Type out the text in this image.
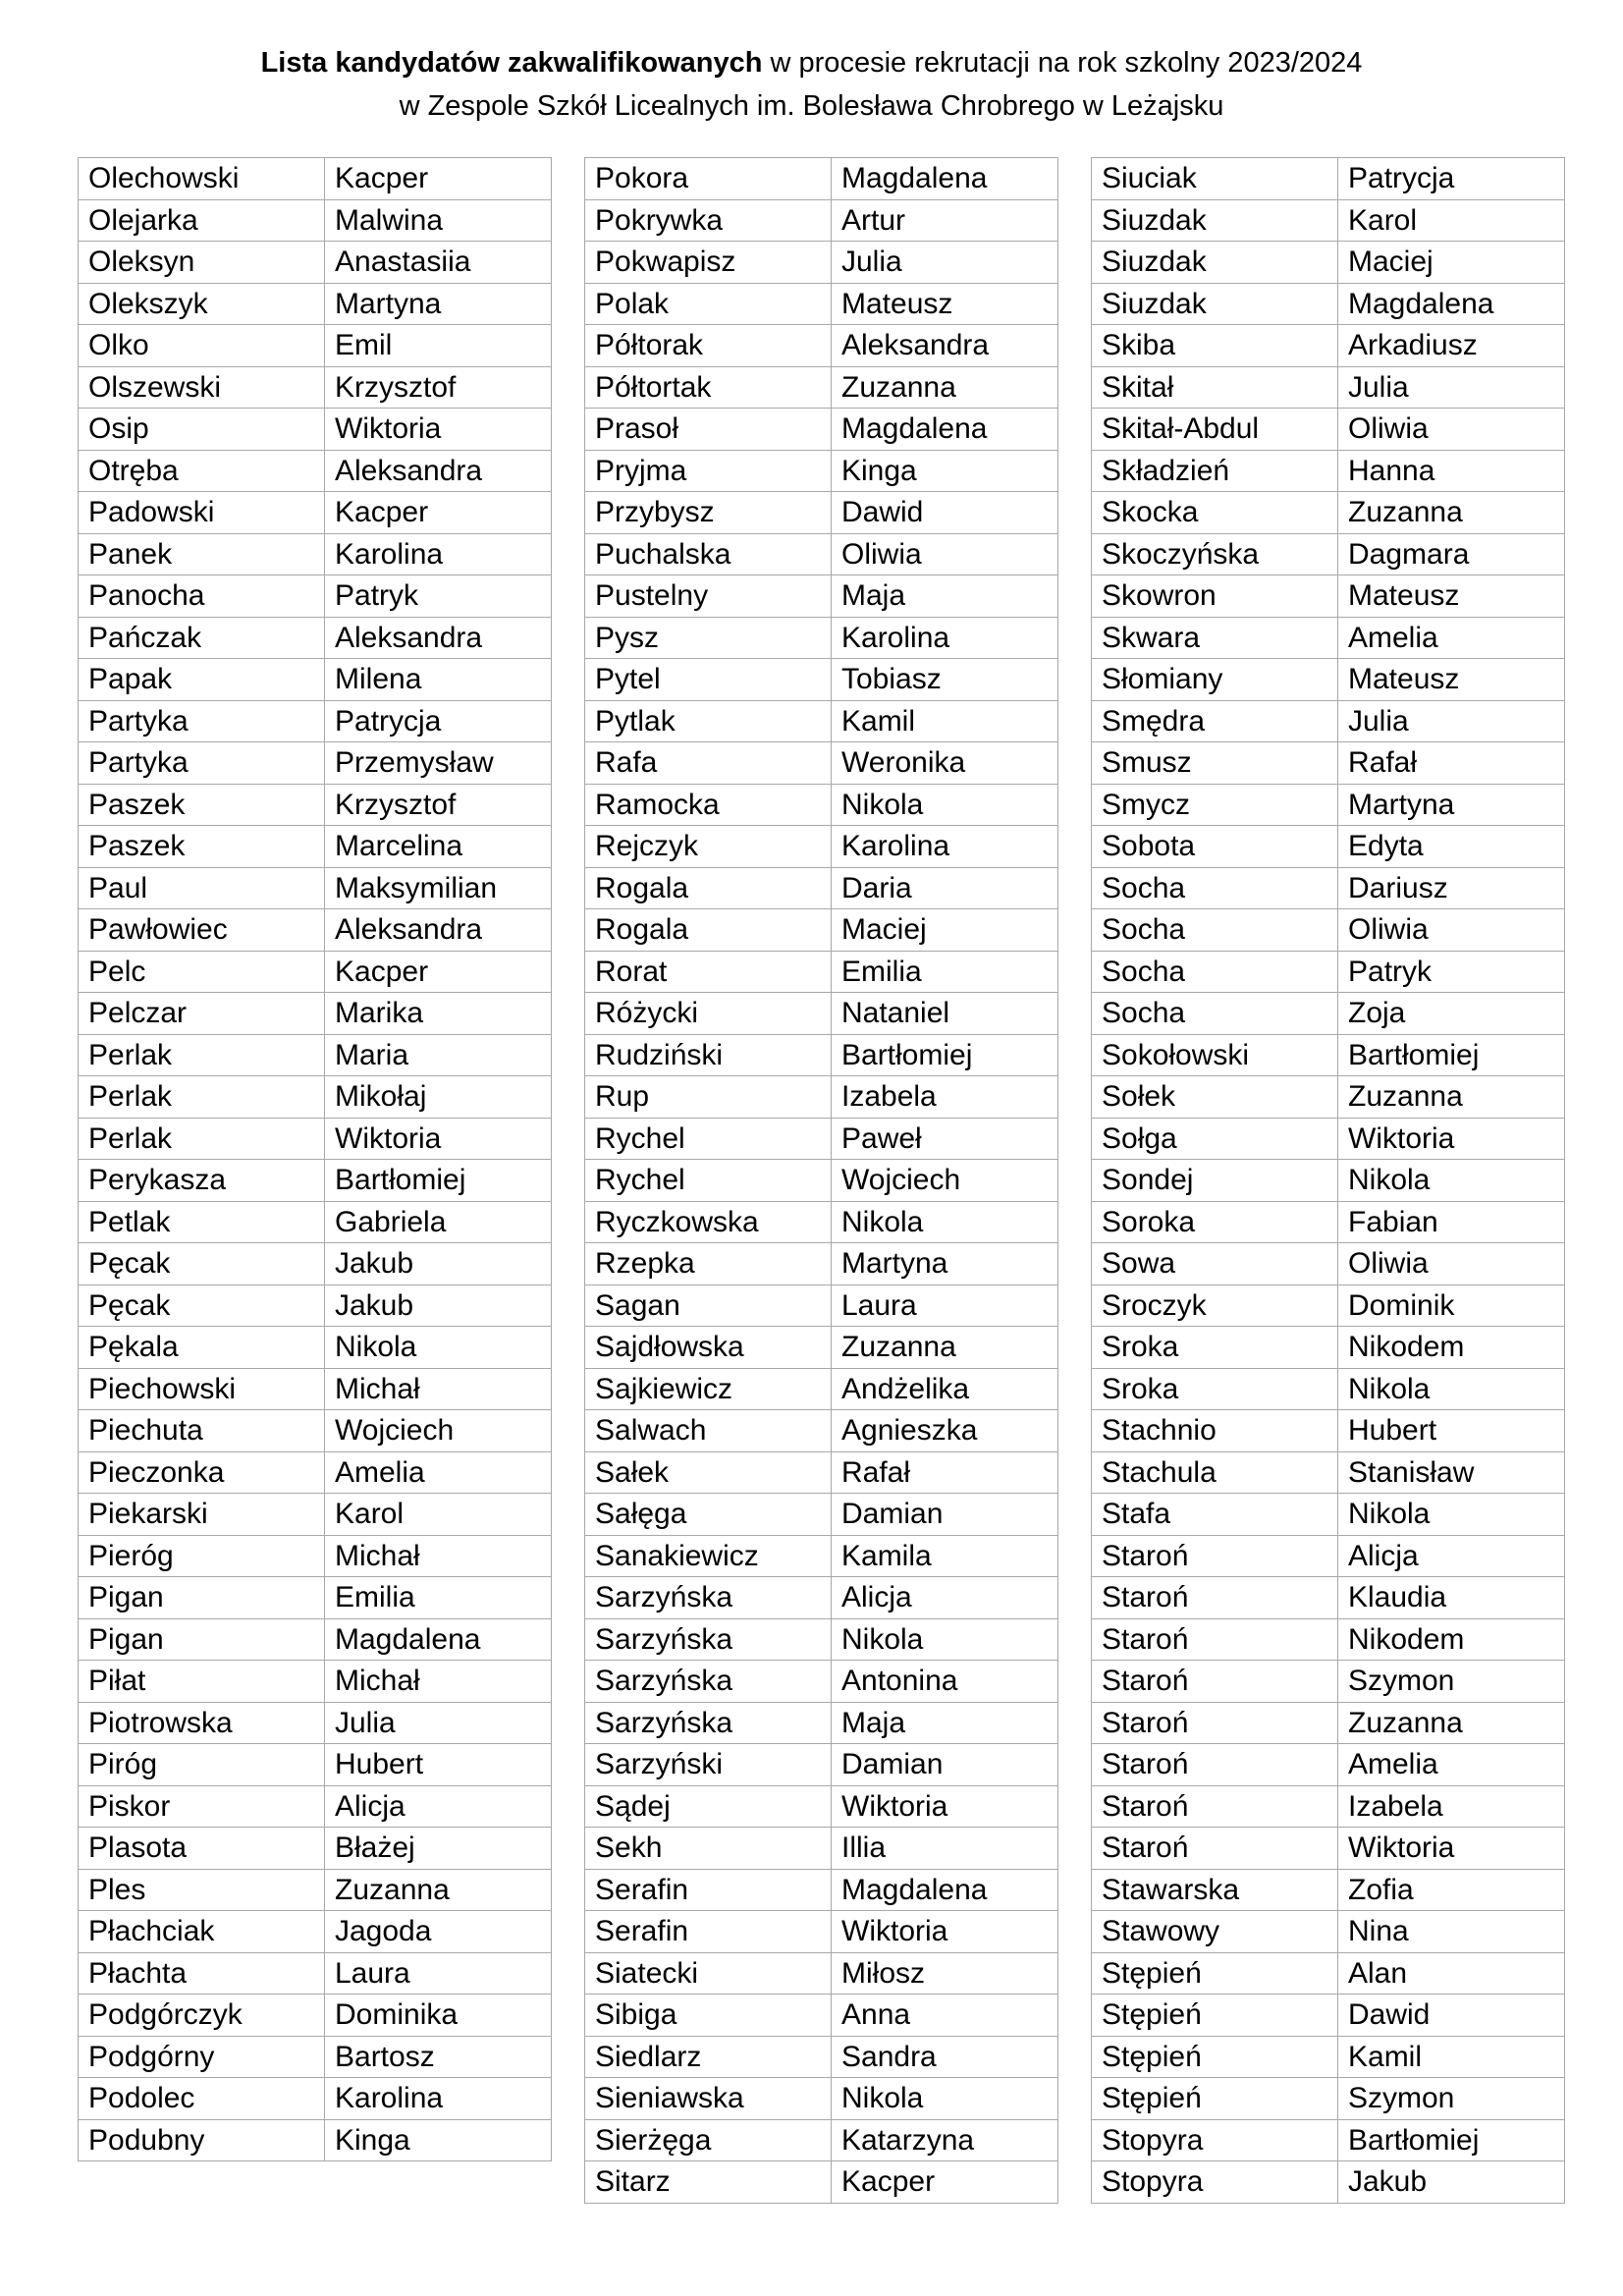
Lista kandydatów zakwalifikowanych w procesie rekrutacji na rok szkolny 2023/2024
w Zespole Szkół Licealnych im. Bolesława Chrobrego w Leżajsku
Olechowski	Kacper
Olejarka	Malwina
Oleksyn	Anastasiia
Olekszyk	Martyna
Olko	Emil
Olszewski	Krzysztof
Osip	Wiktoria
Otręba	Aleksandra
Padowski	Kacper
Panek	Karolina
Panocha	Patryk
Pańczak	Aleksandra
Papak	Milena
Partyka	Patrycja
Partyka	Przemysław
Paszek	Krzysztof
Paszek	Marcelina
Paul	Maksymilian
Pawłowiec	Aleksandra
Pelc	Kacper
Pelczar	Marika
Perlak	Maria
Perlak	Mikołaj
Perlak	Wiktoria
Perykasza	Bartłomiej
Petlak	Gabriela
Pęcak	Jakub
Pęcak	Jakub
Pękala	Nikola
Piechowski	Michał
Piechuta	Wojciech
Pieczonka	Amelia
Piekarski	Karol
Pieróg	Michał
Pigan	Emilia
Pigan	Magdalena
Piłat	Michał
Piotrowska	Julia
Piróg	Hubert
Piskor	Alicja
Plasota	Błażej
Ples	Zuzanna
Płachciak	Jagoda
Płachta	Laura
Podgórczyk	Dominika
Podgórny	Bartosz
Podolec	Karolina
Podubny	Kinga
Pokora	Magdalena
Pokrywka	Artur
Pokwapisz	Julia
Polak	Mateusz
Półtorak	Aleksandra
Półtortak	Zuzanna
Prasoł	Magdalena
Pryjma	Kinga
Przybysz	Dawid
Puchalska	Oliwia
Pustelny	Maja
Pysz	Karolina
Pytel	Tobiasz
Pytlak	Kamil
Rafa	Weronika
Ramocka	Nikola
Rejczyk	Karolina
Rogala	Daria
Rogala	Maciej
Rorat	Emilia
Różycki	Nataniel
Rudziński	Bartłomiej
Rup	Izabela
Rychel	Paweł
Rychel	Wojciech
Ryczkowska	Nikola
Rzepka	Martyna
Sagan	Laura
Sajdłowska	Zuzanna
Sajkiewicz	Andżelika
Salwach	Agnieszka
Sałek	Rafał
Sałęga	Damian
Sanakiewicz	Kamila
Sarzyńska	Alicja
Sarzyńska	Nikola
Sarzyńska	Antonina
Sarzyńska	Maja
Sarzyński	Damian
Sądej	Wiktoria
Sekh	Illia
Serafin	Magdalena
Serafin	Wiktoria
Siatecki	Miłosz
Sibiga	Anna
Siedlarz	Sandra
Sieniawska	Nikola
Sierżęga	Katarzyna
Sitarz	Kacper
Siuciak	Patrycja
Siuzdak	Karol
Siuzdak	Maciej
Siuzdak	Magdalena
Skiba	Arkadiusz
Skitał	Julia
Skitał-Abdul	Oliwia
Składzień	Hanna
Skocka	Zuzanna
Skoczyńska	Dagmara
Skowron	Mateusz
Skwara	Amelia
Słomiany	Mateusz
Smędra	Julia
Smusz	Rafał
Smycz	Martyna
Sobota	Edyta
Socha	Dariusz
Socha	Oliwia
Socha	Patryk
Socha	Zoja
Sokołowski	Bartłomiej
Sołek	Zuzanna
Sołga	Wiktoria
Sondej	Nikola
Soroka	Fabian
Sowa	Oliwia
Sroczyk	Dominik
Sroka	Nikodem
Sroka	Nikola
Stachnio	Hubert
Stachula	Stanisław
Stafa	Nikola
Staroń	Alicja
Staroń	Klaudia
Staroń	Nikodem
Staroń	Szymon
Staroń	Zuzanna
Staroń	Amelia
Staroń	Izabela
Staroń	Wiktoria
Stawarska	Zofia
Stawowy	Nina
Stępień	Alan
Stępień	Dawid
Stępień	Kamil
Stępień	Szymon
Stopyra	Bartłomiej
Stopyra	Jakub
